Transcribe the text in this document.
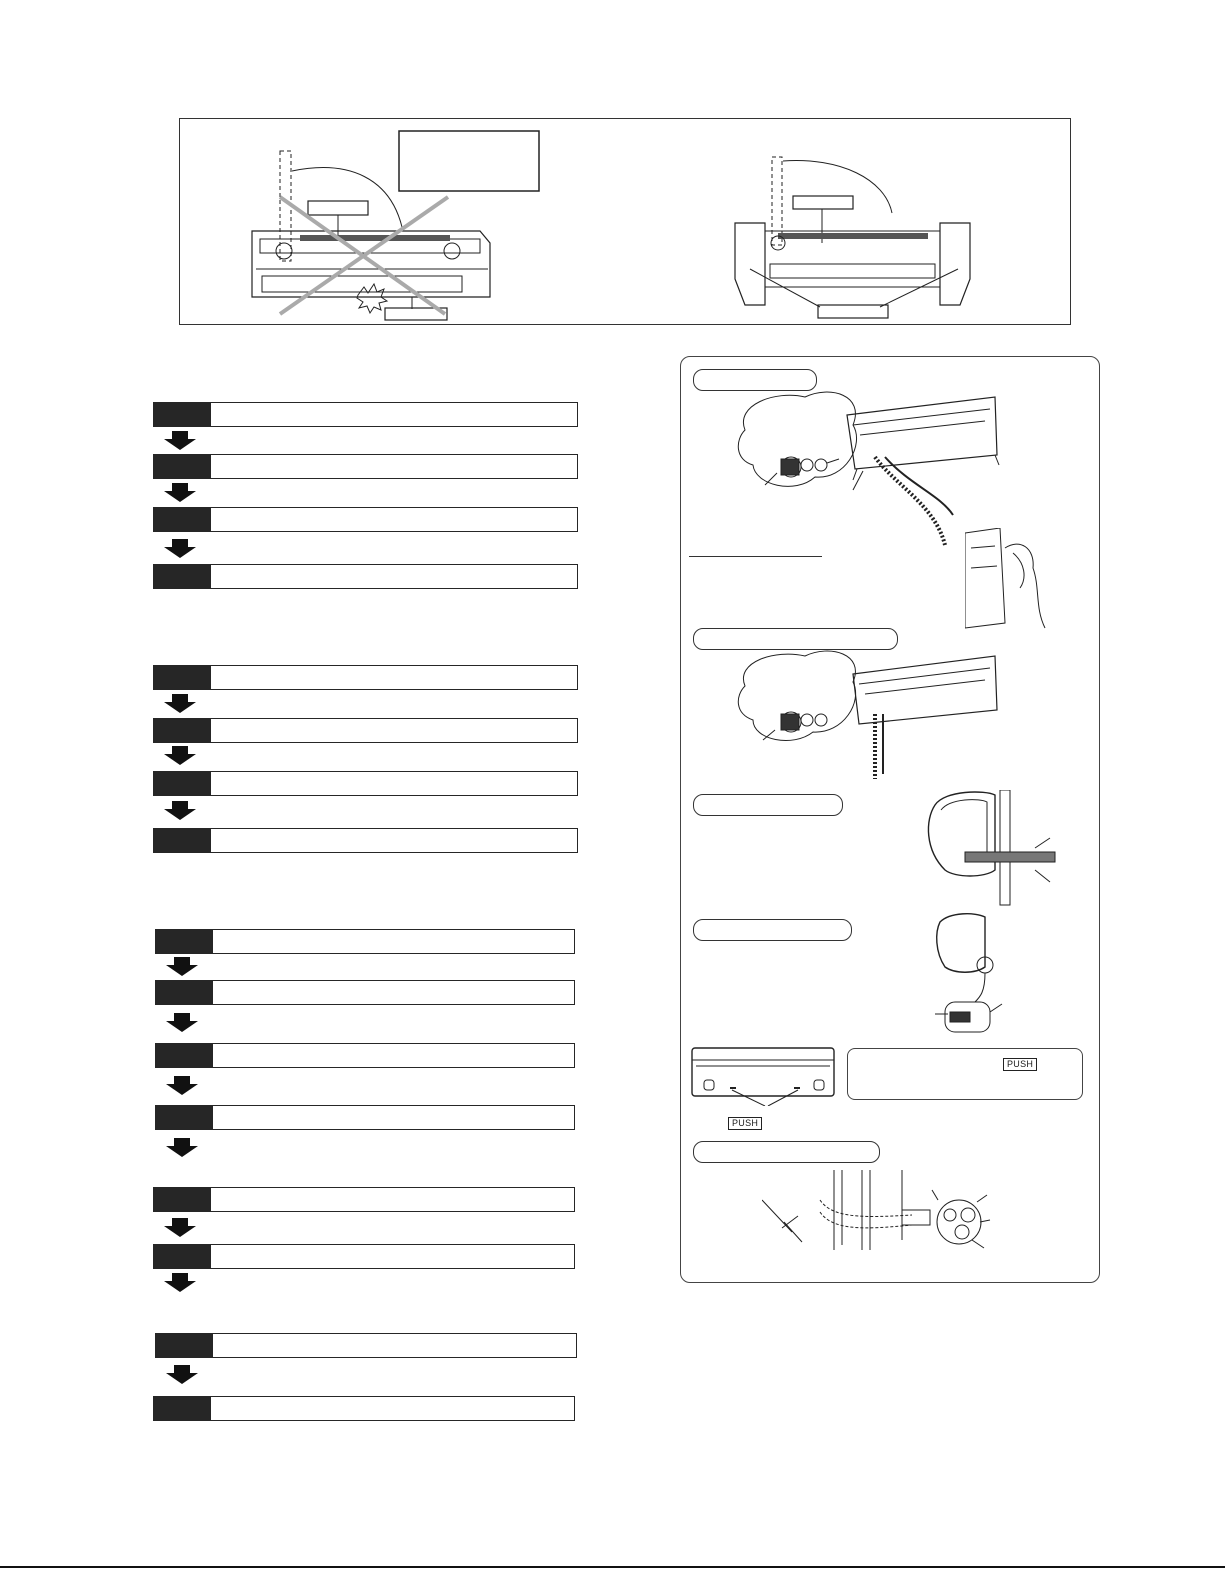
PUSH
PUSH
